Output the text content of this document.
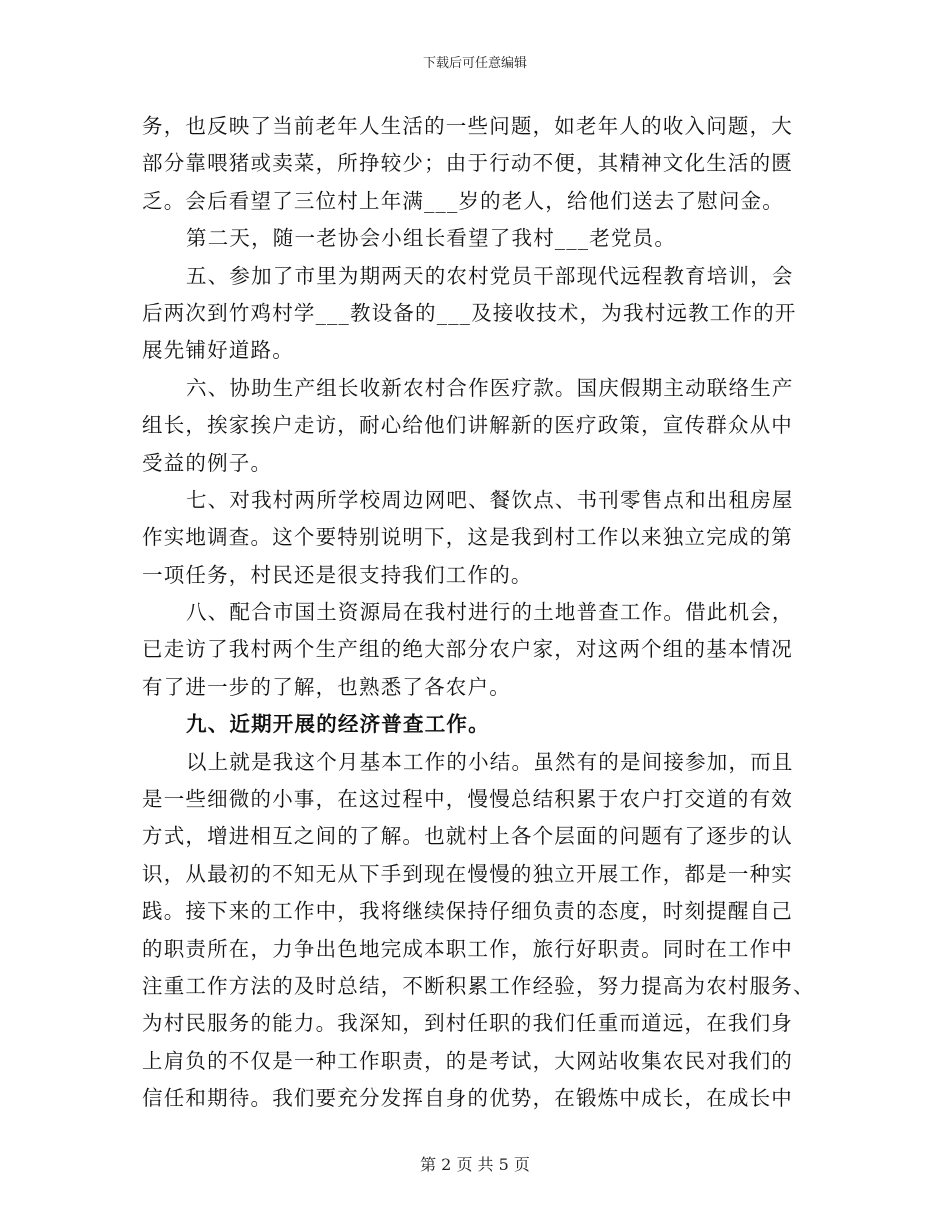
下载后可任意编辑
务，也反映了当前老年人生活的一些问题，如老年人的收入问题，大
部分靠喂猪或卖菜，所挣较少；由于行动不便，其精神文化生活的匮
乏。会后看望了三位村上年满___岁的老人，给他们送去了慰问金。
第二天，随一老协会小组长看望了我村___老党员。
五、参加了市里为期两天的农村党员干部现代远程教育培训，会
后两次到竹鸡村学___教设备的___及接收技术，为我村远教工作的开
展先铺好道路。
六、协助生产组长收新农村合作医疗款。国庆假期主动联络生产
组长，挨家挨户走访，耐心给他们讲解新的医疗政策，宣传群众从中
受益的例子。
七、对我村两所学校周边网吧、餐饮点、书刊零售点和出租房屋
作实地调查。这个要特别说明下，这是我到村工作以来独立完成的第
一项任务，村民还是很支持我们工作的。
八、配合市国土资源局在我村进行的土地普查工作。借此机会，
已走访了我村两个生产组的绝大部分农户家，对这两个组的基本情况
有了进一步的了解，也熟悉了各农户。
九、近期开展的经济普查工作。
以上就是我这个月基本工作的小结。虽然有的是间接参加，而且
是一些细微的小事，在这过程中，慢慢总结积累于农户打交道的有效
方式，增进相互之间的了解。也就村上各个层面的问题有了逐步的认
识，从最初的不知无从下手到现在慢慢的独立开展工作，都是一种实
践。接下来的工作中，我将继续保持仔细负责的态度，时刻提醒自己
的职责所在，力争出色地完成本职工作，旅行好职责。同时在工作中
注重工作方法的及时总结，不断积累工作经验，努力提高为农村服务、
为村民服务的能力。我深知，到村任职的我们任重而道远，在我们身
上肩负的不仅是一种工作职责，的是考试，大网站收集农民对我们的
信任和期待。我们要充分发挥自身的优势，在锻炼中成长，在成长中
第 2 页 共 5 页
